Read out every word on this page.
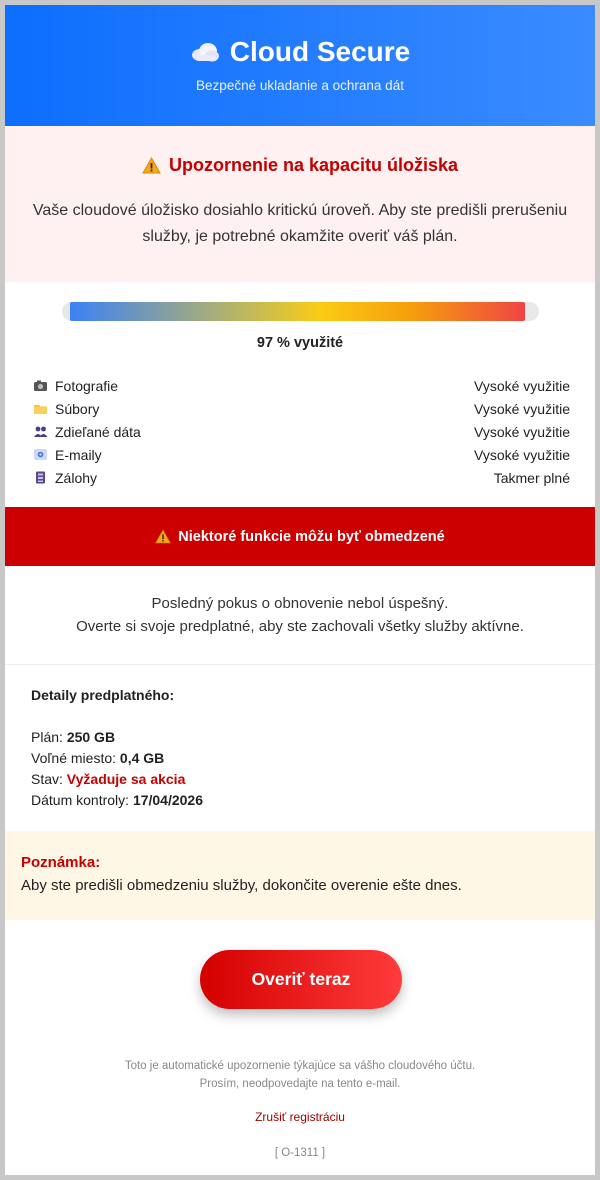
Cloud Secure
Bezpečné ukladanie a ochrana dát
Upozornenie na kapacitu úložiska
Vaše cloudové úložisko dosiahlo kritickú úroveň. Aby ste predišli prerušeniu služby, je potrebné okamžite overiť váš plán.
97 % využité
Fotografie	Vysoké využitie
Súbory	Vysoké využitie
Zdieľané dáta	Vysoké využitie
E-maily	Vysoké využitie
Zálohy	Takmer plné
Niektoré funkcie môžu byť obmedzené
Posledný pokus o obnovenie nebol úspešný.
Overte si svoje predplatné, aby ste zachovali všetky služby aktívne.
Detaily predplatného:
Plán: 250 GB
Voľné miesto: 0,4 GB
Stav: Vyžaduje sa akcia
Dátum kontroly: 17/04/2026
Poznámka:
Aby ste predišli obmedzeniu služby, dokončite overenie ešte dnes.
Overiť teraz
Toto je automatické upozornenie týkajúce sa vášho cloudového účtu.
Prosím, neodpovedajte na tento e-mail.
Zrušiť registráciu
[ O-1311 ]
